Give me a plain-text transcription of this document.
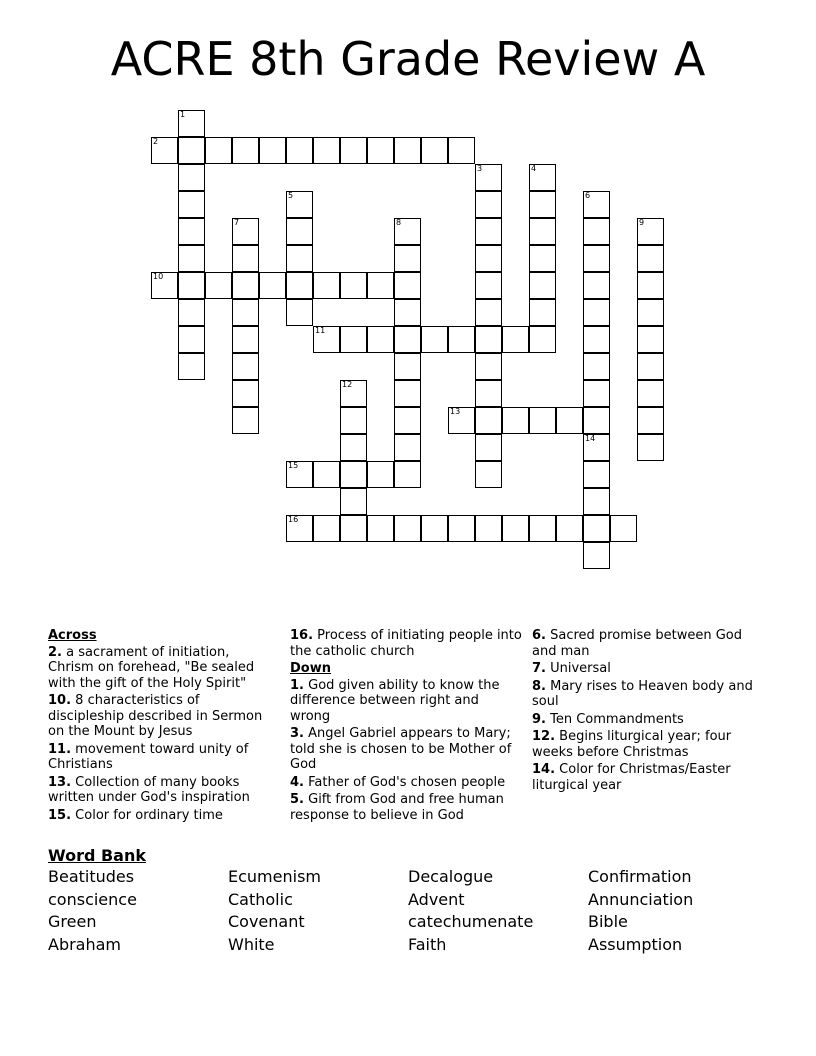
ACRE 8th Grade Review A
1
2
3	4
5	6
7	8	9
10
11
12
13
14
15
16
Across
2. a sacrament of initiation, Chrism on forehead, "Be sealed with the gift of the Holy Spirit"
10. 8 characteristics of discipleship described in Sermon on the Mount by Jesus
11. movement toward unity of Christians
13. Collection of many books written under God's inspiration
15. Color for ordinary time
16. Process of initiating people into the catholic church
Down
1. God given ability to know the difference between right and wrong
3. Angel Gabriel appears to Mary; told she is chosen to be Mother of God
4. Father of God's chosen people
5. Gift from God and free human response to believe in God
6. Sacred promise between God and man
7. Universal
8. Mary rises to Heaven body and soul
9. Ten Commandments
12. Begins liturgical year; four weeks before Christmas
14. Color for Christmas/Easter liturgical year
Word Bank
Beatitudes	Ecumenism	Decalogue	Confirmation
conscience	Catholic	Advent	Annunciation
Green	Covenant	catechumenate	Bible
Abraham	White	Faith	Assumption
